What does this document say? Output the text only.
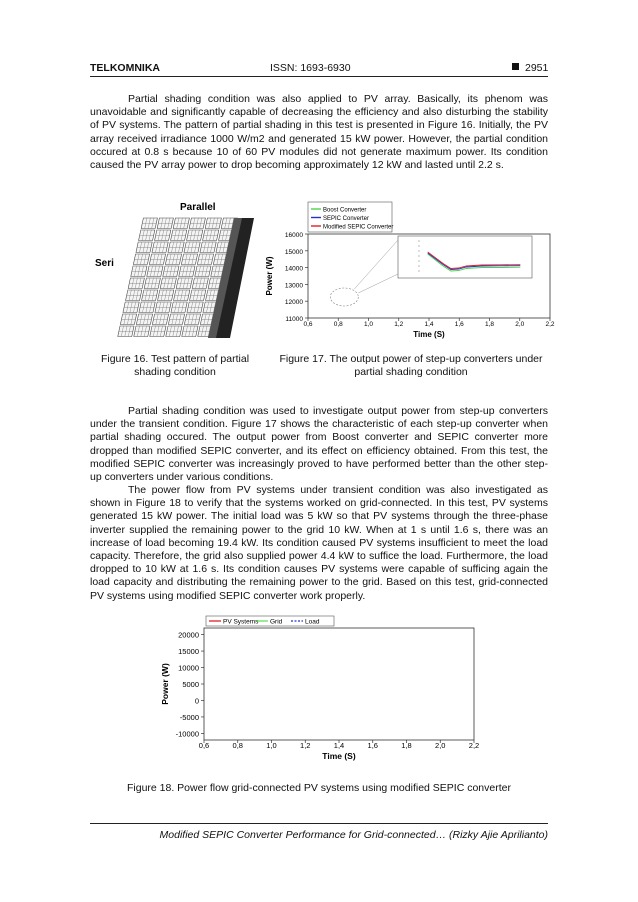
TELKOMNIKA	ISSN: 1693-6930	2951

Partial shading condition was also applied to PV array. Basically, its phenom was unavoidable and significantly capable of decreasing the efficiency and also disturbing the stability of PV systems. The pattern of partial shading in this test is presented in Figure 16. Initially, the PV array received irradiance 1000 W/m2 and generated 15 kW power. However, the partial condition occured at 0.8 s because 10 of 60 PV modules did not generate maximum power. Its condition caused the PV array power to drop becoming approximately 12 kW and lasted until 2.2 s.

Parallel
Seri
Figure 16. Test pattern of partial
shading condition
0,6	0,8	1,0	1,2	1,4	1,6	1,8	2,0	2,2
11000
12000
13000
14000
15000
16000
Boost Converter
SEPIC Converter
Modified SEPIC Converter
Time (S)
Power (W)
Figure 17. The output power of step-up converters under
partial shading condition

Partial shading condition was used to investigate output power from step-up converters under the transient condition. Figure 17 shows the characteristic of each step-up converter when partial shading occured. The output power from Boost converter and SEPIC converter more dropped than modified SEPIC converter, and its effect on efficiency obtained. From this test, the modified SEPIC converter was increasingly proved to have performed better than the other step-up converters under various conditions.

The power flow from PV systems under transient condition was also investigated as shown in Figure 18 to verify that the systems worked on grid-connected. In this test, PV systems generated 15 kW power. The initial load was 5 kW so that PV systems through the three-phase inverter supplied the remaining power to the grid 10 kW. When at 1 s until 1.6 s, there was an increase of load becoming 19.4 kW. Its condition caused PV systems insufficient to meet the load capacity. Therefore, the grid also supplied power 4.4 kW to suffice the load. Furthermore, the load dropped to 10 kW at 1.6 s. Its condition causes PV systems were capable of sufficing again the load capacity and distributing the remaining power to the grid. Based on this test, grid-connected PV systems using modified SEPIC converter work properly.

0,6	0,8	1,0	1,2	1,4	1,6	1,8	2,0	2,2
-10000
-5000
0
5000
10000
15000
20000
PV Systems Grid	Load
Time (S)
Power (W)
Figure 18. Power flow grid-connected PV systems using modified SEPIC converter
Modified SEPIC Converter Performance for Grid-connected… (Rizky Ajie Aprilianto)
